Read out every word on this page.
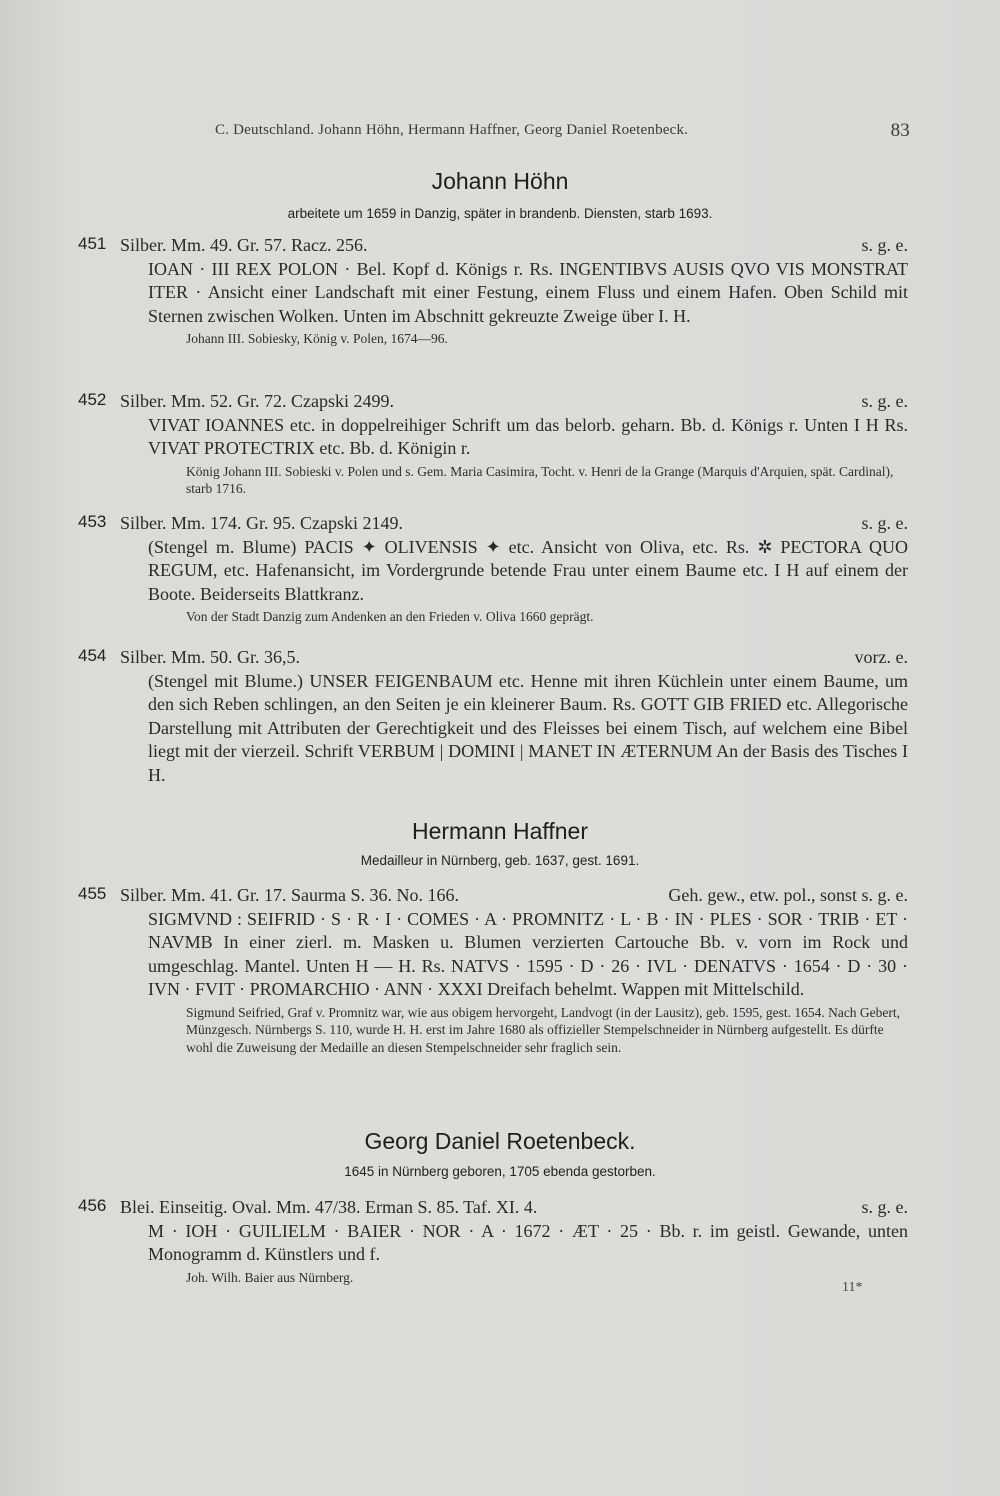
C. Deutschland. Johann Höhn, Hermann Haffner, Georg Daniel Roetenbeck.	83
Johann Höhn
arbeitete um 1659 in Danzig, später in brandenb. Diensten, starb 1693.
451 Silber. Mm. 49. Gr. 57. Racz. 256.	s. g. e.
IOAN · III REX POLON · Bel. Kopf d. Königs r. Rs. INGENTIBVS AUSIS QVO VIS MONSTRAT ITER · Ansicht einer Landschaft mit einer Festung, einem Fluss und einem Hafen. Oben Schild mit Sternen zwischen Wolken. Unten im Abschnitt gekreuzte Zweige über I. H.
Johann III. Sobiesky, König v. Polen, 1674—96.
452 Silber. Mm. 52. Gr. 72. Czapski 2499.	s. g. e.
VIVAT IOANNES etc. in doppelreihiger Schrift um das belorb. geharn. Bb. d. Königs r. Unten I H Rs. VIVAT PROTECTRIX etc. Bb. d. Königin r.
König Johann III. Sobieski v. Polen und s. Gem. Maria Casimira, Tocht. v. Henri de la Grange (Marquis d'Arquien, spät. Cardinal), starb 1716.
453 Silber. Mm. 174. Gr. 95. Czapski 2149.	s. g. e.
(Stengel m. Blume) PACIS ✦ OLIVENSIS ✦ etc. Ansicht von Oliva, etc. Rs. ✲ PECTORA QUO REGUM, etc. Hafenansicht, im Vordergrunde betende Frau unter einem Baume etc. I H auf einem der Boote. Beiderseits Blattkranz.
Von der Stadt Danzig zum Andenken an den Frieden v. Oliva 1660 geprägt.
454 Silber. Mm. 50. Gr. 36,5.	vorz. e.
(Stengel mit Blume.) UNSER FEIGENBAUM etc. Henne mit ihren Küchlein unter einem Baume, um den sich Reben schlingen, an den Seiten je ein kleinerer Baum. Rs. GOTT GIB FRIED etc. Allegorische Darstellung mit Attributen der Gerechtigkeit und des Fleisses bei einem Tisch, auf welchem eine Bibel liegt mit der vierzeil. Schrift VERBUM | DOMINI | MANET IN ÆTERNUM An der Basis des Tisches I H.
Hermann Haffner
Medailleur in Nürnberg, geb. 1637, gest. 1691.
455 Silber. Mm. 41. Gr. 17. Saurma S. 36. No. 166.	Geh. gew., etw. pol., sonst s. g. e.
SIGMVND : SEIFRID · S · R · I · COMES · A · PROMNITZ · L · B · IN · PLES · SOR · TRIB · ET · NAVMB In einer zierl. m. Masken u. Blumen verzierten Cartouche Bb. v. vorn im Rock und umgeschlag. Mantel. Unten H — H. Rs. NATVS · 1595 · D · 26 · IVL · DENATVS · 1654 · D · 30 · IVN · FVIT · PROMARCHIO · ANN · XXXI Dreifach behelmt. Wappen mit Mittelschild.
Sigmund Seifried, Graf v. Promnitz war, wie aus obigem hervorgeht, Landvogt (in der Lausitz), geb. 1595, gest. 1654. Nach Gebert, Münzgesch. Nürnbergs S. 110, wurde H. H. erst im Jahre 1680 als offizieller Stempelschneider in Nürnberg aufgestellt. Es dürfte wohl die Zuweisung der Medaille an diesen Stempelschneider sehr fraglich sein.
Georg Daniel Roetenbeck.
1645 in Nürnberg geboren, 1705 ebenda gestorben.
456 Blei. Einseitig. Oval. Mm. 47/38. Erman S. 85. Taf. XI. 4.	s. g. e.
M · IOH · GUILIELM · BAIER · NOR · A · 1672 · ÆT · 25 · Bb. r. im geistl. Gewande, unten Monogramm d. Künstlers und f.
Joh. Wilh. Baier aus Nürnberg.
11*
